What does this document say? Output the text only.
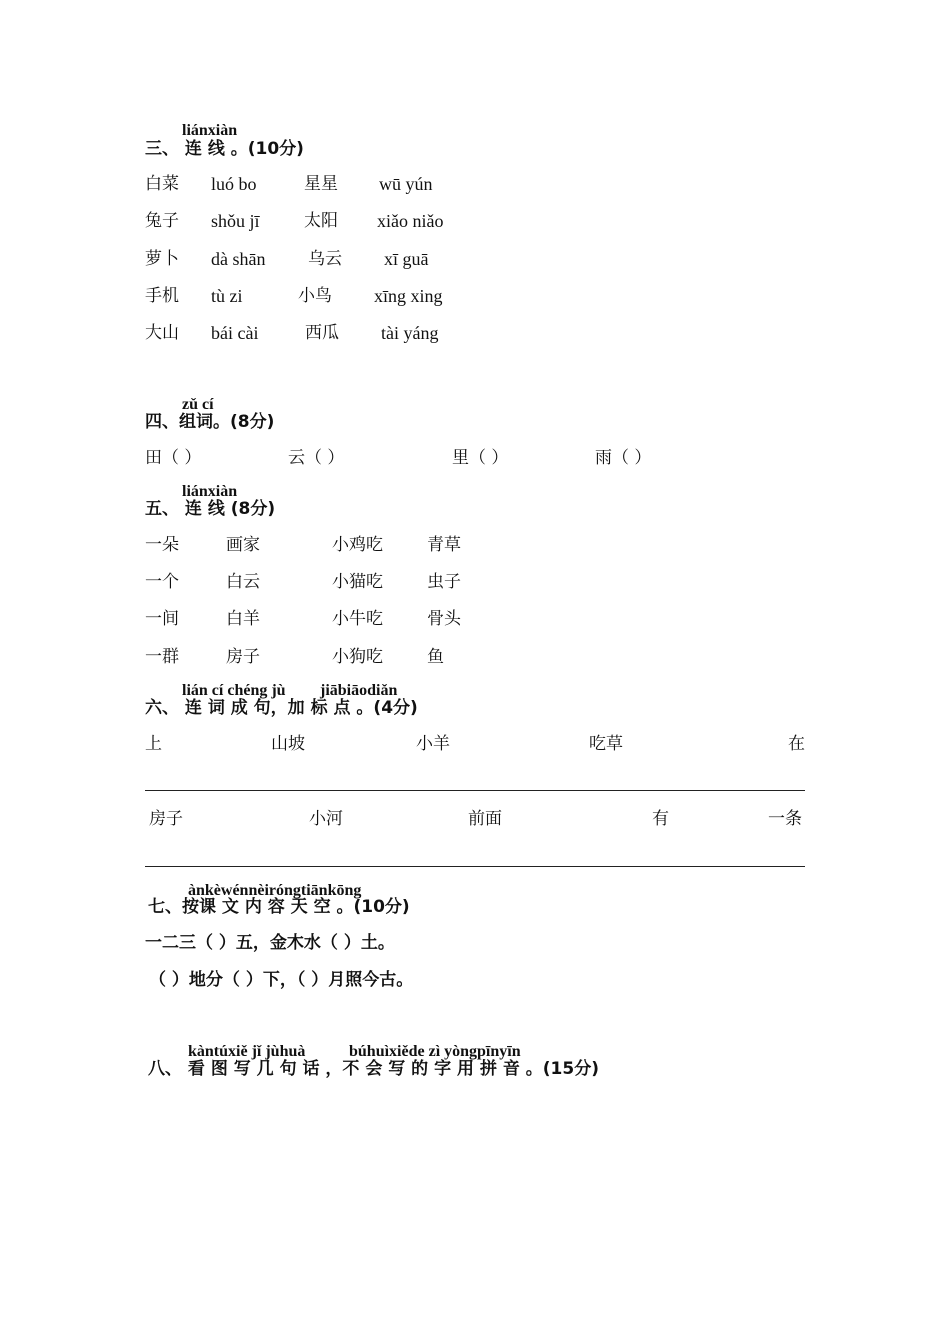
liánxiàn
三、 连 线 。(10分)
白菜 luó bo	星星 wū yún
兔子 shǒu jī	太阳 xiǎo niǎo
萝卜 dà shān	乌云 xī guā
手机 tù zi	小鸟 xīng xing
大山 bái cài	西瓜 tài yáng
zǔ cí
四、组词。(8分)
田（ ）	云（ ）	里（ ）	雨（ ）
liánxiàn
五、 连 线 (8分)
一朵	画家	小鸡吃	青草
一个	白云	小猫吃	虫子
一间	白羊	小牛吃	骨头
一群	房子	小狗吃	鱼
lián cí chéng jù jiābiāodiǎn
六、 连 词 成 句，加 标 点 。(4分)
上	山坡	小羊	吃草	在
房子	小河	前面	有	一条
ànkèwénnèiróngtiānkōng
七、按课 文 内 容 天 空 。(10分)
一二三（ ）五，金木水（ ）土。
（ ）地分（ ）下，（ ）月照今古。
kàntúxiě jǐ jùhuà	búhuìxiěde zì yòngpīnyīn
八、 看 图 写 几 句 话 ，不 会 写 的 字 用 拼 音 。(15分)
